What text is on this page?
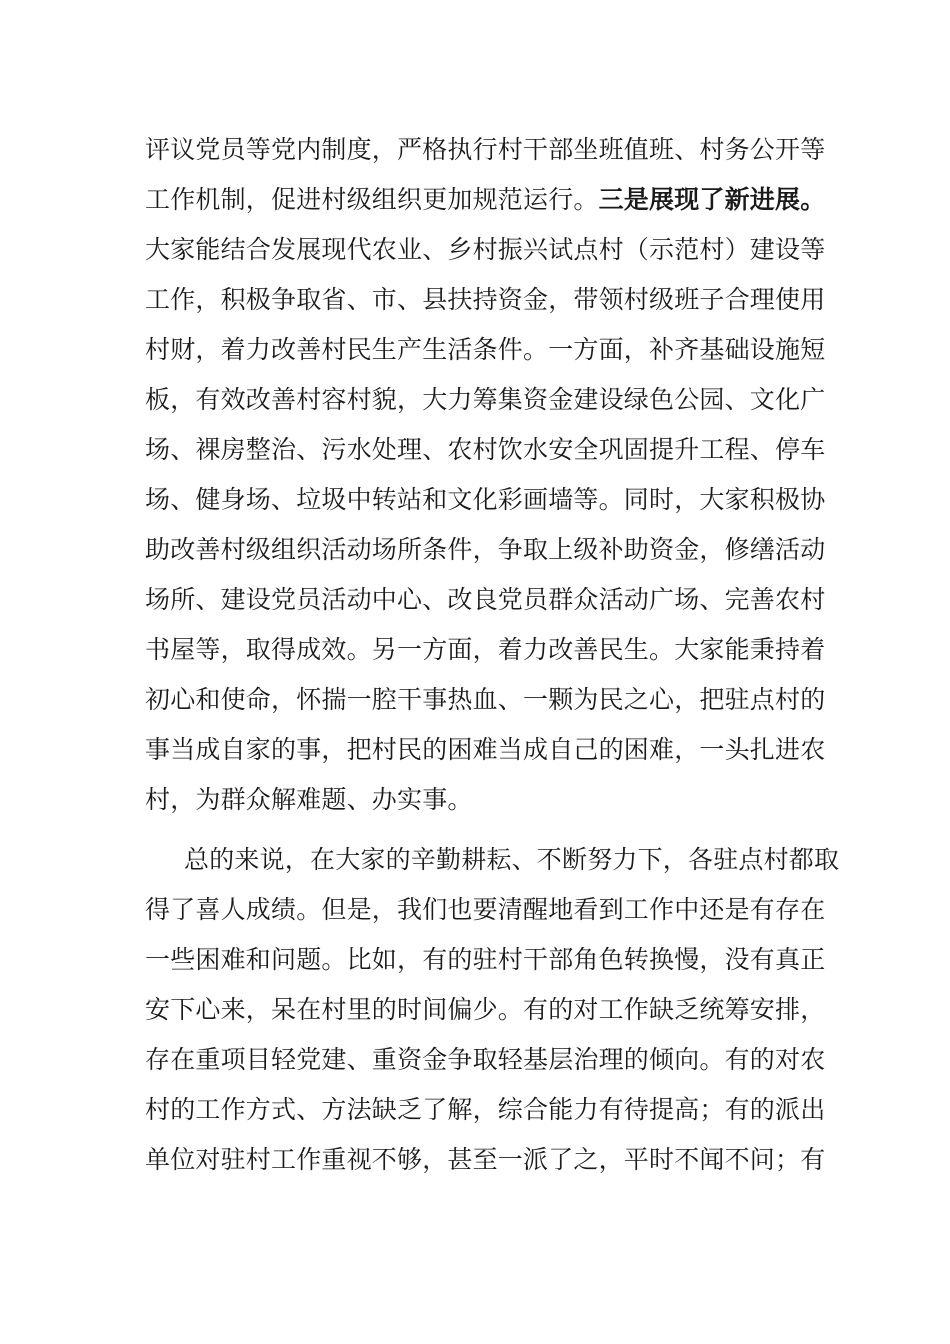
评议党员等党内制度，严格执行村干部坐班值班、村务公开等
工作机制，促进村级组织更加规范运行。三是展现了新进展。
大家能结合发展现代农业、乡村振兴试点村（示范村）建设等
工作，积极争取省、市、县扶持资金，带领村级班子合理使用
村财，着力改善村民生产生活条件。一方面，补齐基础设施短
板，有效改善村容村貌，大力筹集资金建设绿色公园、文化广
场、裸房整治、污水处理、农村饮水安全巩固提升工程、停车
场、健身场、垃圾中转站和文化彩画墙等。同时，大家积极协
助改善村级组织活动场所条件，争取上级补助资金，修缮活动
场所、建设党员活动中心、改良党员群众活动广场、完善农村
书屋等，取得成效。另一方面，着力改善民生。大家能秉持着
初心和使命，怀揣一腔干事热血、一颗为民之心，把驻点村的
事当成自家的事，把村民的困难当成自己的困难，一头扎进农
村，为群众解难题、办实事。
总的来说，在大家的辛勤耕耘、不断努力下，各驻点村都取
得了喜人成绩。但是，我们也要清醒地看到工作中还是有存在
一些困难和问题。比如，有的驻村干部角色转换慢，没有真正
安下心来，呆在村里的时间偏少。有的对工作缺乏统筹安排，
存在重项目轻党建、重资金争取轻基层治理的倾向。有的对农
村的工作方式、方法缺乏了解，综合能力有待提高；有的派出
单位对驻村工作重视不够，甚至一派了之，平时不闻不问；有
